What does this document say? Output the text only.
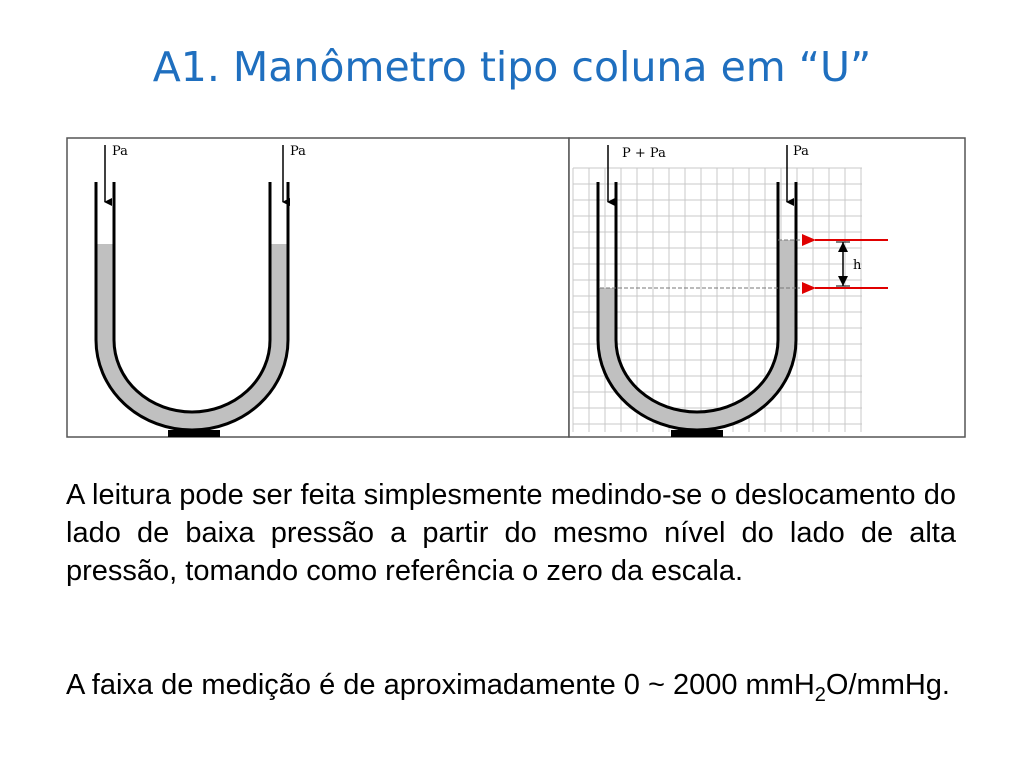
A1. Manômetro tipo coluna em “U”
Pa	Pa	P + Pa	Pa
h

A leitura pode ser feita simplesmente medindo-se o deslocamento do lado de baixa pressão a partir do mesmo nível do lado de alta pressão, tomando como referência o zero da escala.

A faixa de medição é de aproximadamente 0 ~ 2000 mmH$_2$O/mmHg.
